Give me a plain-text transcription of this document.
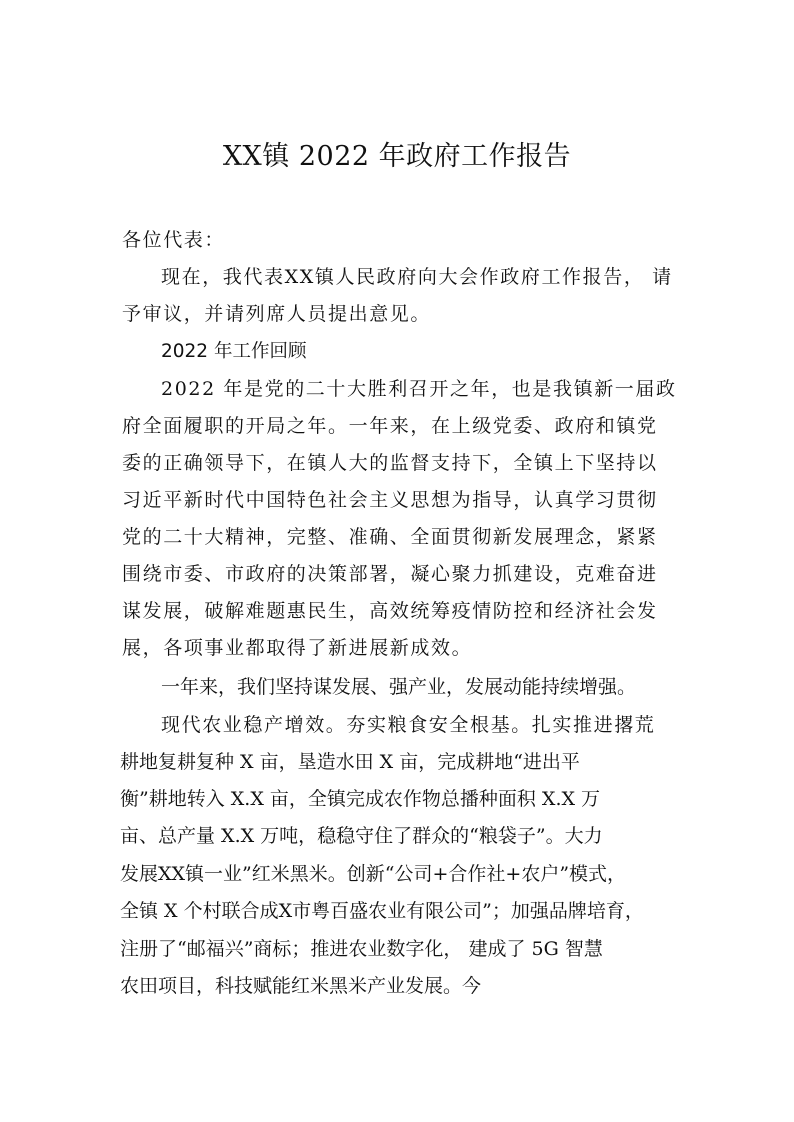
XX镇 2022 年政府工作报告
各位代表：
现在，我代表XX镇人民政府向大会作政府工作报告， 请
予审议，并请列席人员提出意见。
2022 年工作回顾
2022 年是党的二十大胜利召开之年，也是我镇新一届政
府全面履职的开局之年。一年来，在上级党委、政府和镇党
委的正确领导下，在镇人大的监督支持下，全镇上下坚持以
习近平新时代中国特色社会主义思想为指导，认真学习贯彻
党的二十大精神，完整、准确、全面贯彻新发展理念，紧紧
围绕市委、市政府的决策部署，凝心聚力抓建设，克难奋进
谋发展，破解难题惠民生，高效统筹疫情防控和经济社会发
展，各项事业都取得了新进展新成效。
一年来，我们坚持谋发展、强产业，发展动能持续增强。
现代农业稳产增效。夯实粮食安全根基。扎实推进撂荒
耕地复耕复种 X 亩，垦造水田 X 亩，完成耕地“进出平
衡”耕地转入 X.X 亩，全镇完成农作物总播种面积 X.X 万
亩、总产量 X.X 万吨，稳稳守住了群众的“粮袋子”。大力
发展XX镇一业”红米黑米。创新“公司+合作社+农户”模式，
全镇 X 个村联合成X市粤百盛农业有限公司”；加强品牌培育，
注册了“邮福兴”商标；推进农业数字化， 建成了 5G 智慧
农田项目，科技赋能红米黑米产业发展。今
